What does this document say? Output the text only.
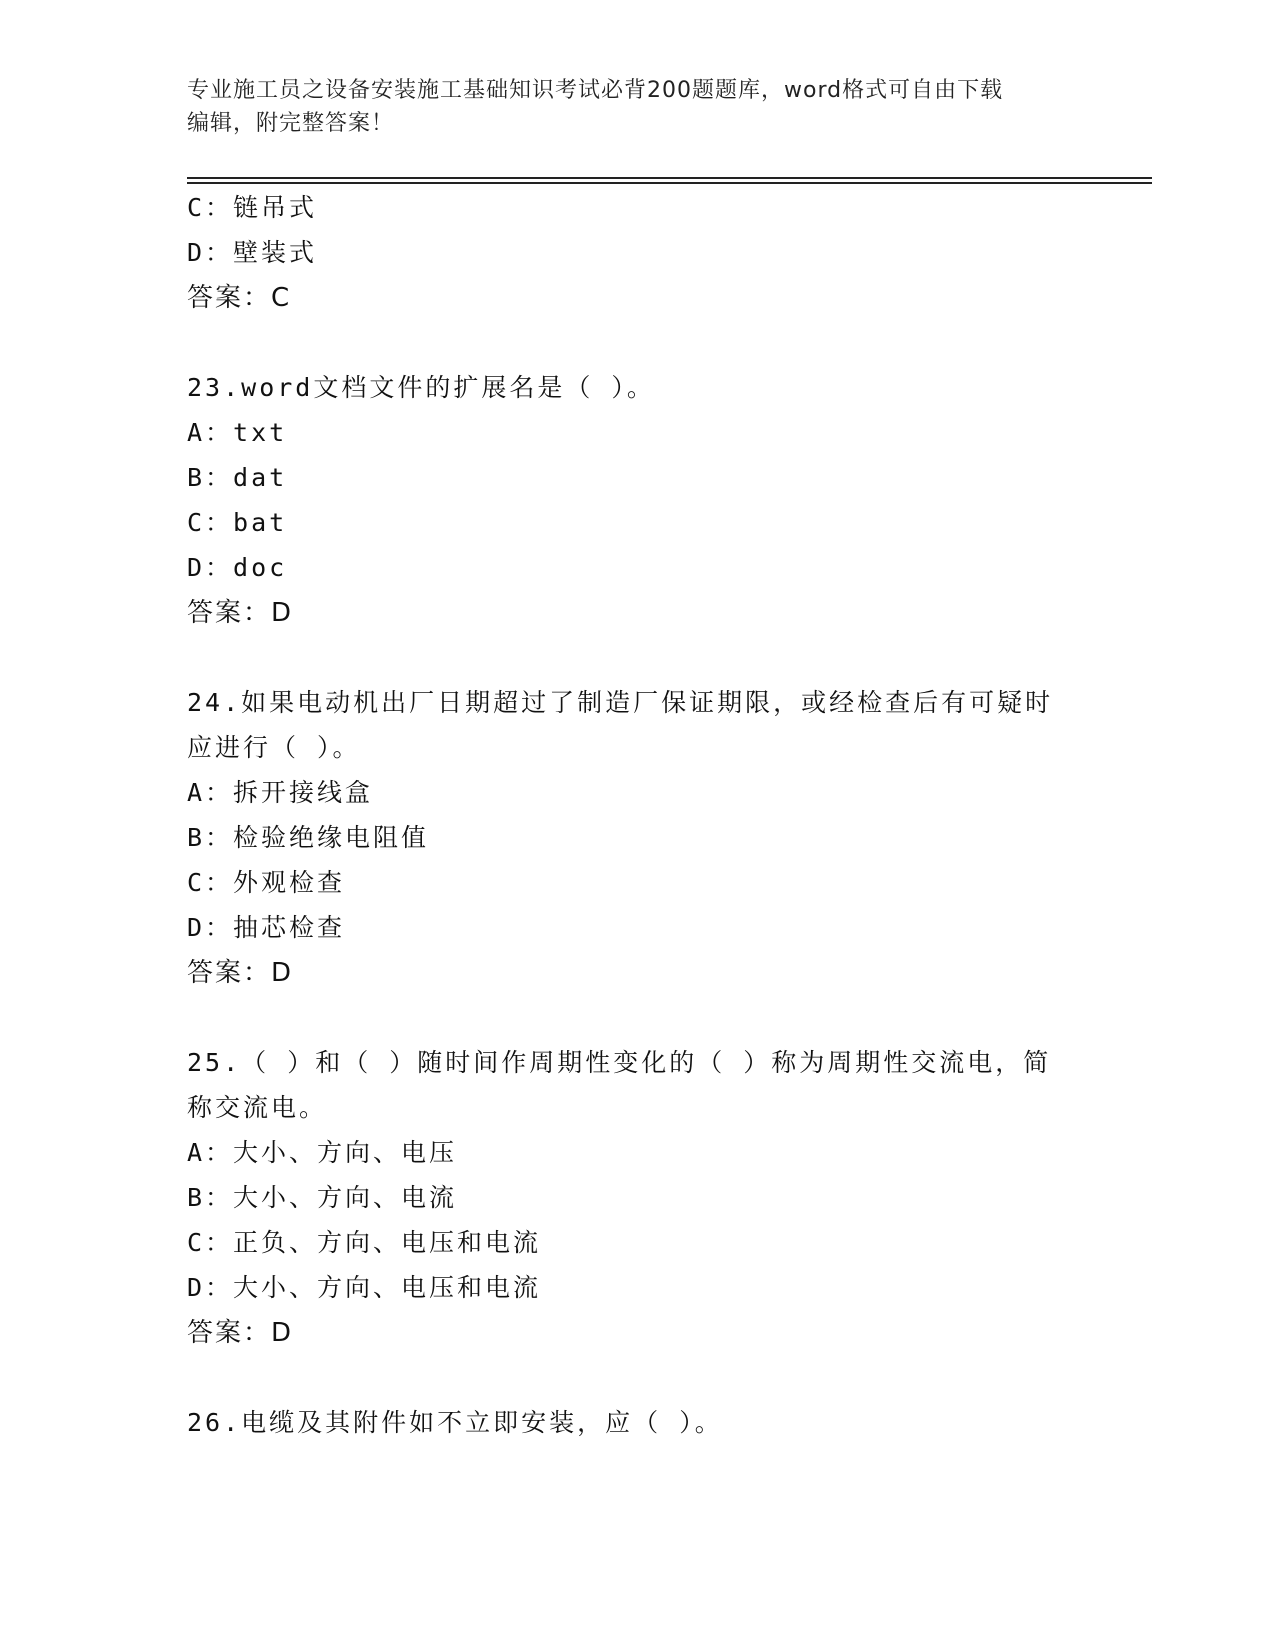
专业施工员之设备安装施工基础知识考试必背200题题库，word格式可自由下载
编辑，附完整答案！
C：链吊式
D：壁装式
答案：C
23.word文档文件的扩展名是（ ）。
A：txt
B：dat
C：bat
D：doc
答案：D
24.如果电动机出厂日期超过了制造厂保证期限，或经检查后有可疑时
应进行（ ）。
A：拆开接线盒
B：检验绝缘电阻值
C：外观检查
D：抽芯检查
答案：D
25.（ ）和（ ）随时间作周期性变化的（ ）称为周期性交流电，简
称交流电。
A：大小、方向、电压
B：大小、方向、电流
C：正负、方向、电压和电流
D：大小、方向、电压和电流
答案：D
26.电缆及其附件如不立即安装，应（ ）。
